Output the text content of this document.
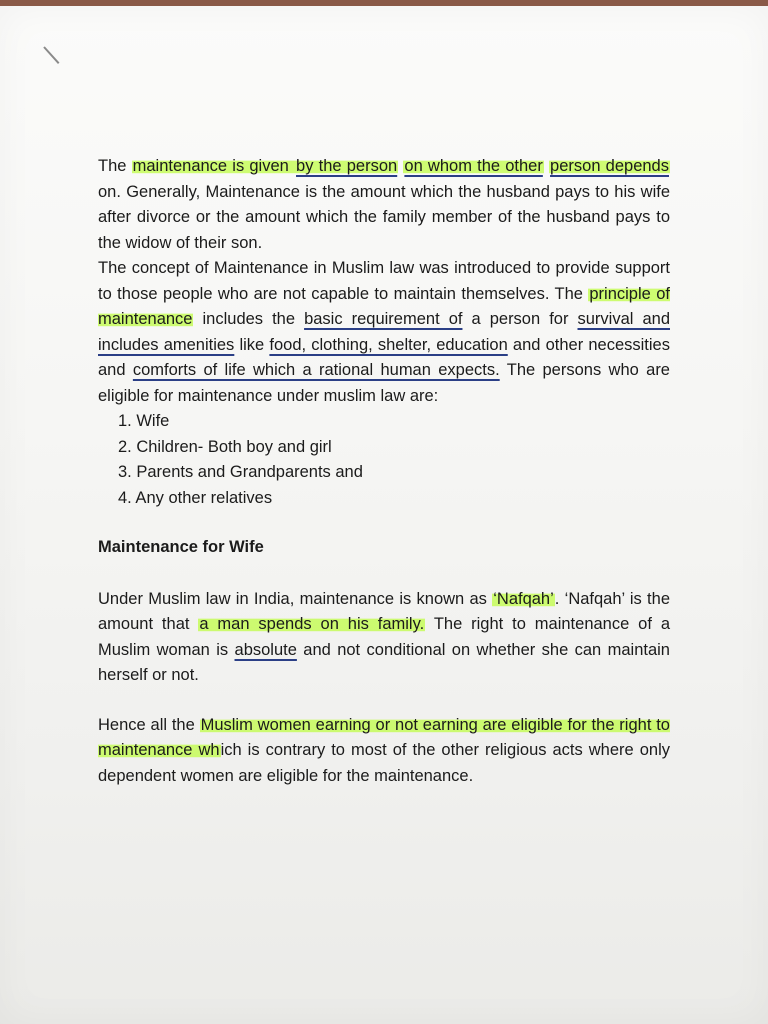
The maintenance is given by the person on whom the other person depends on. Generally, Maintenance is the amount which the husband pays to his wife after divorce or the amount which the family member of the husband pays to the widow of their son.

The concept of Maintenance in Muslim law was introduced to provide support to those people who are not capable to maintain themselves. The principle of maintenance includes the basic requirement of a person for survival and includes amenities like food, clothing, shelter, education and other necessities and comforts of life which a rational human expects. The persons who are eligible for maintenance under muslim law are:

1. Wife
2. Children- Both boy and girl
3. Parents and Grandparents and
4. Any other relatives

Maintenance for Wife

Under Muslim law in India, maintenance is known as ‘Nafqah’. ‘Nafqah’ is the amount that a man spends on his family. The right to maintenance of a Muslim woman is absolute and not conditional on whether she can maintain herself or not.

Hence all the Muslim women earning or not earning are eligible for the right to maintenance which is contrary to most of the other religious acts where only dependent women are eligible for the maintenance.
